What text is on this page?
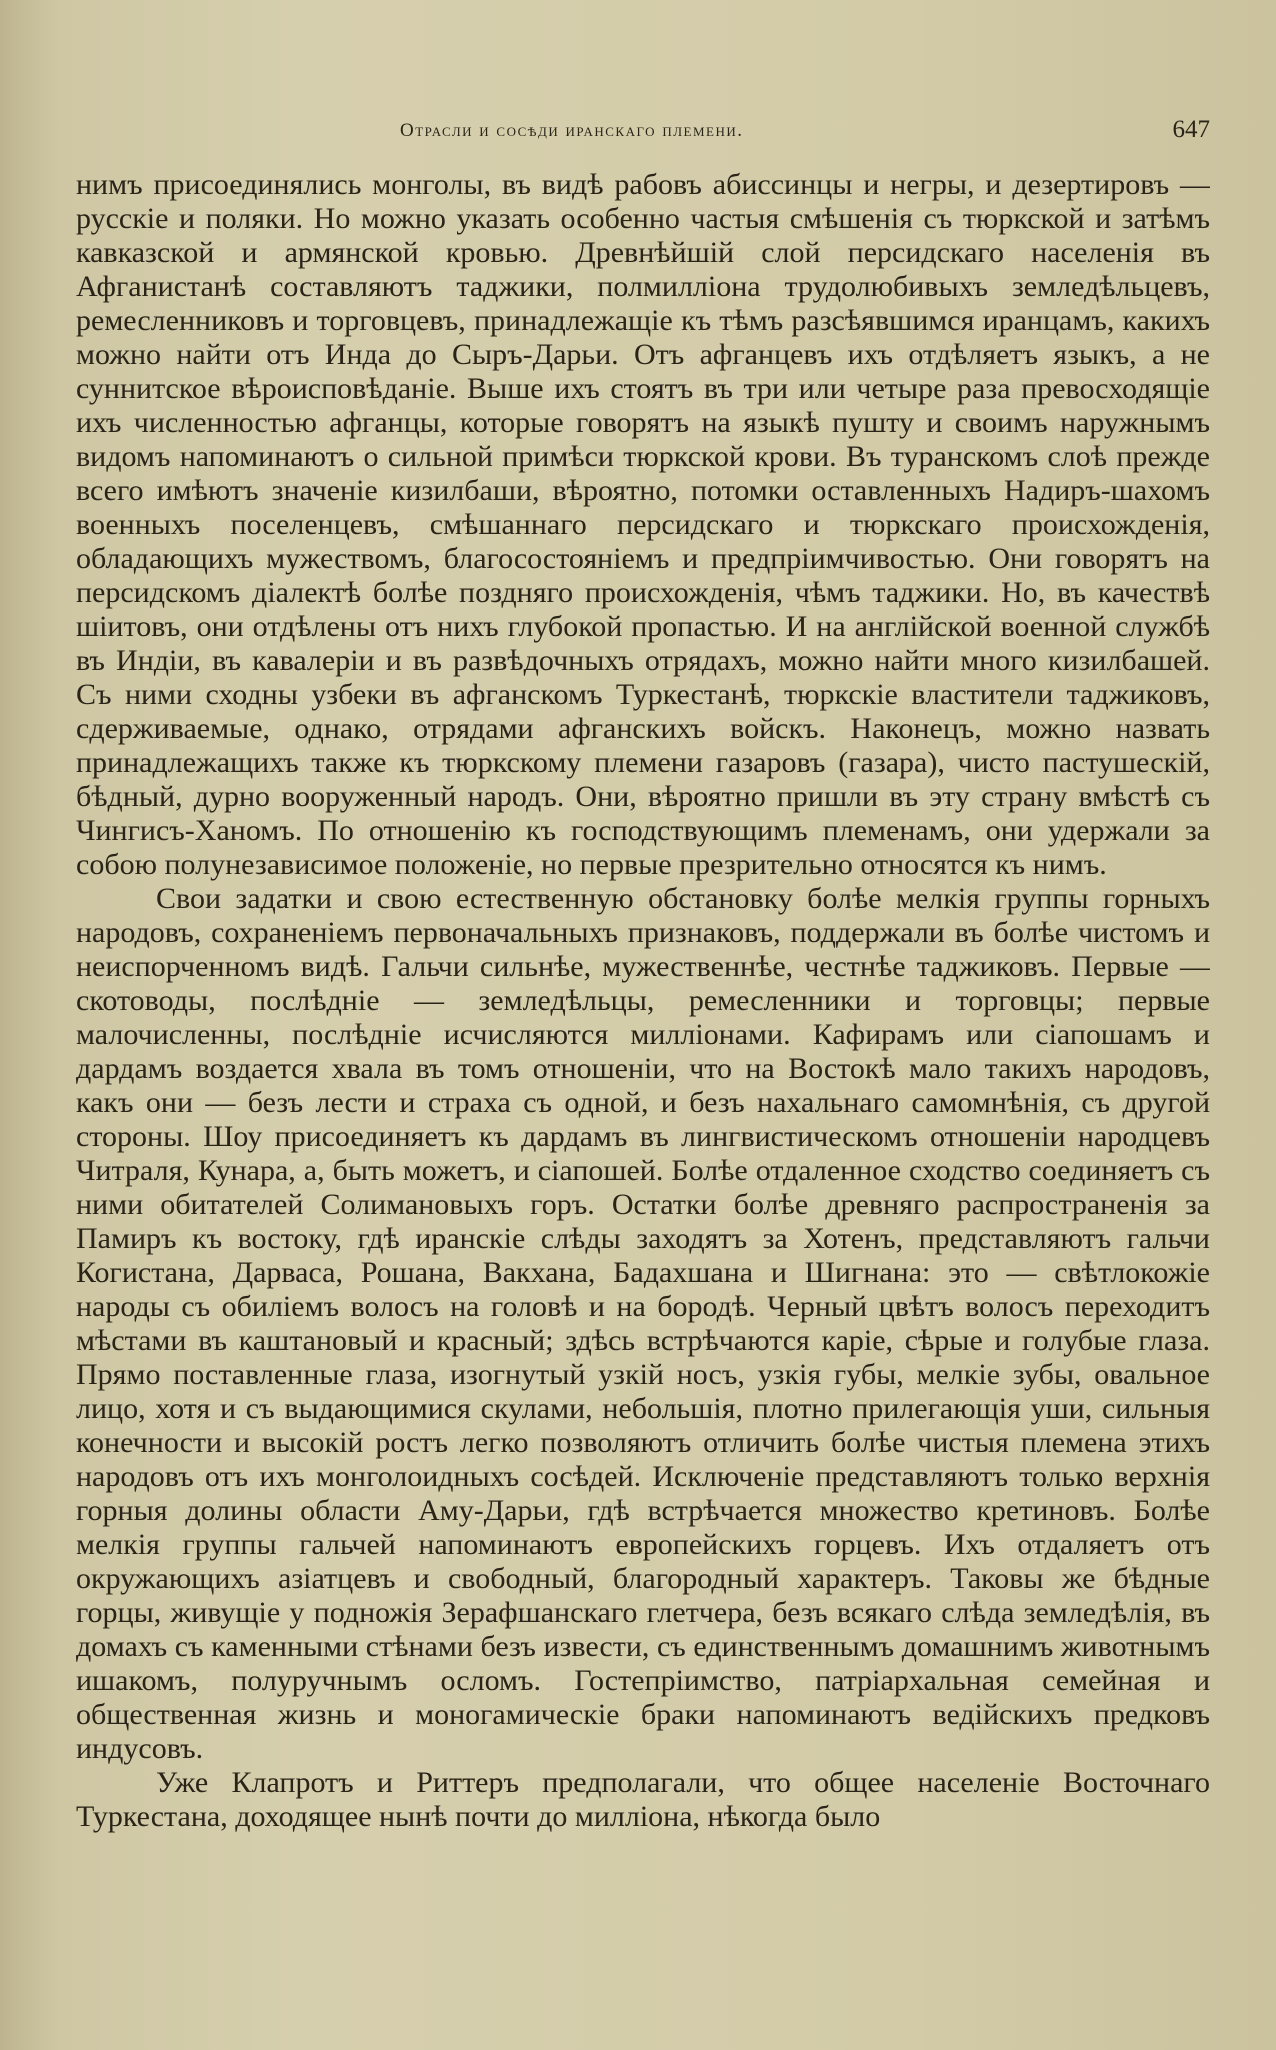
Отрасли и сосѣди иранскаго племени.	647

нимъ присоединялись монголы, въ видѣ рабовъ абиссинцы и негры, и дезертировъ — русскіе и поляки. Но можно указать особенно частыя смѣшенія съ тюркской и затѣмъ кавказской и армянской кровью. Древнѣйшій слой персидскаго населенія въ Афганистанѣ составляютъ таджики, полмилліона трудолюбивыхъ земледѣльцевъ, ремесленниковъ и торговцевъ, принадлежащіе къ тѣмъ разсѣявшимся иранцамъ, какихъ можно найти отъ Инда до Сыръ-Дарьи. Отъ афганцевъ ихъ отдѣляетъ языкъ, а не суннитское вѣроисповѣданіе. Выше ихъ стоятъ въ три или четыре раза превосходящіе ихъ численностью афганцы, которые говорятъ на языкѣ пушту и своимъ наружнымъ видомъ напоминаютъ о сильной примѣси тюркской крови. Въ туранскомъ слоѣ прежде всего имѣютъ значеніе кизилбаши, вѣроятно, потомки оставленныхъ Надиръ-шахомъ военныхъ поселенцевъ, смѣшаннаго персидскаго и тюркскаго происхожденія, обладающихъ мужествомъ, благосостояніемъ и предпріимчивостью. Они говорятъ на персидскомъ діалектѣ болѣе поздняго происхожденія, чѣмъ таджики. Но, въ качествѣ шіитовъ, они отдѣлены отъ нихъ глубокой пропастью. И на англійской военной службѣ въ Индіи, въ кавалеріи и въ развѣдочныхъ отрядахъ, можно найти много кизилбашей. Съ ними сходны узбеки въ афганскомъ Туркестанѣ, тюркскіе властители таджиковъ, сдерживаемые, однако, отрядами афганскихъ войскъ. Наконецъ, можно назвать принадлежащихъ также къ тюркскому племени газаровъ (газара), чисто пастушескій, бѣдный, дурно вооруженный народъ. Они, вѣроятно пришли въ эту страну вмѣстѣ съ Чингисъ-Ханомъ. По отношенію къ господствующимъ племенамъ, они удержали за собою полунезависимое положеніе, но первые презрительно относятся къ нимъ.

Свои задатки и свою естественную обстановку болѣе мелкія группы горныхъ народовъ, сохраненіемъ первоначальныхъ признаковъ, поддержали въ болѣе чистомъ и неиспорченномъ видѣ. Гальчи сильнѣе, мужественнѣе, честнѣе таджиковъ. Первые — скотоводы, послѣдніе — земледѣльцы, ремесленники и торговцы; первые малочисленны, послѣдніе исчисляются милліонами. Кафирамъ или сіапошамъ и дардамъ воздается хвала въ томъ отношеніи, что на Востокѣ мало такихъ народовъ, какъ они — безъ лести и страха съ одной, и безъ нахальнаго самомнѣнія, съ другой стороны. Шоу присоединяетъ къ дардамъ въ лингвистическомъ отношеніи народцевъ Читраля, Кунара, а, быть можетъ, и сіапошей. Болѣе отдаленное сходство соединяетъ съ ними обитателей Солимановыхъ горъ. Остатки болѣе древняго распространенія за Памиръ къ востоку, гдѣ иранскіе слѣды заходятъ за Хотенъ, представляютъ гальчи Когистана, Дарваса, Рошана, Вакхана, Бадахшана и Шигнана: это — свѣтлокожіе народы съ обиліемъ волосъ на головѣ и на бородѣ. Черный цвѣтъ волосъ переходитъ мѣстами въ каштановый и красный; здѣсь встрѣчаются каріе, сѣрые и голубые глаза. Прямо поставленные глаза, изогнутый узкій носъ, узкія губы, мелкіе зубы, овальное лицо, хотя и съ выдающимися скулами, небольшія, плотно прилегающія уши, сильныя конечности и высокій ростъ легко позволяютъ отличить болѣе чистыя племена этихъ народовъ отъ ихъ монголоидныхъ сосѣдей. Исключеніе представляютъ только верхнія горныя долины области Аму-Дарьи, гдѣ встрѣчается множество кретиновъ. Болѣе мелкія группы гальчей напоминаютъ европейскихъ горцевъ. Ихъ отдаляетъ отъ окружающихъ азіатцевъ и свободный, благородный характеръ. Таковы же бѣдные горцы, живущіе у подножія Зерафшанскаго глетчера, безъ всякаго слѣда земледѣлія, въ домахъ съ каменными стѣнами безъ извести, съ единственнымъ домашнимъ животнымъ ишакомъ, полуручнымъ осломъ. Гостепріимство, патріархальная семейная и общественная жизнь и моногамическіе браки напоминаютъ ведійскихъ предковъ индусовъ.

Уже Клапротъ и Риттеръ предполагали, что общее населеніе Восточнаго Туркестана, доходящее нынѣ почти до милліона, нѣкогда было
